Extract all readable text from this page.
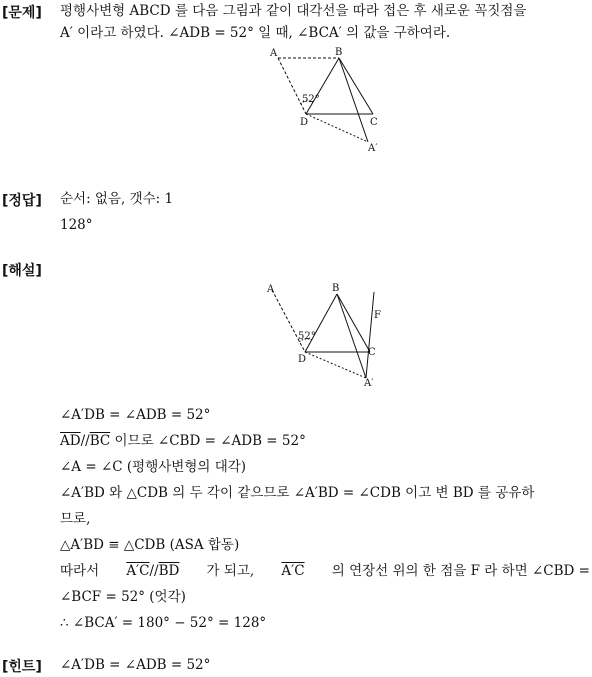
[문제] 평행사변형 ABCD 를 다음 그림과 같이 대각선을 따라 접은 후 새로운 꼭짓점을
A′ 이라고 하였다. ∠ADB = 52° 일 때, ∠BCA′ 의 값을 구하여라.
A	B
C
D
A′
52°
[정답] 순서: 없음, 갯수: 1
128°
[해설]
A	B
C
D
A′
F
52°
∠A′DB = ∠ADB = 52°
$\overline{AD}//\overline{BC}$ 이므로 ∠CBD = ∠ADB = 52°
∠A = ∠C (평행사변형의 대각)
∠A′BD 와 △CDB 의 두 각이 같으므로 ∠A′BD = ∠CDB 이고 변 BD 를 공유하
므로,
△A′BD ≡ △CDB (ASA 합동)
따라서 $A'C//\overline{BD}$ 가 되고, A′C 의 연장선 위의 한 점을 F 라 하면 ∠CBD =
∠BCF = 52° (엇각)
∴ ∠BCA′ = 180° − 52° = 128°
[힌트] ∠A′DB = ∠ADB = 52°
